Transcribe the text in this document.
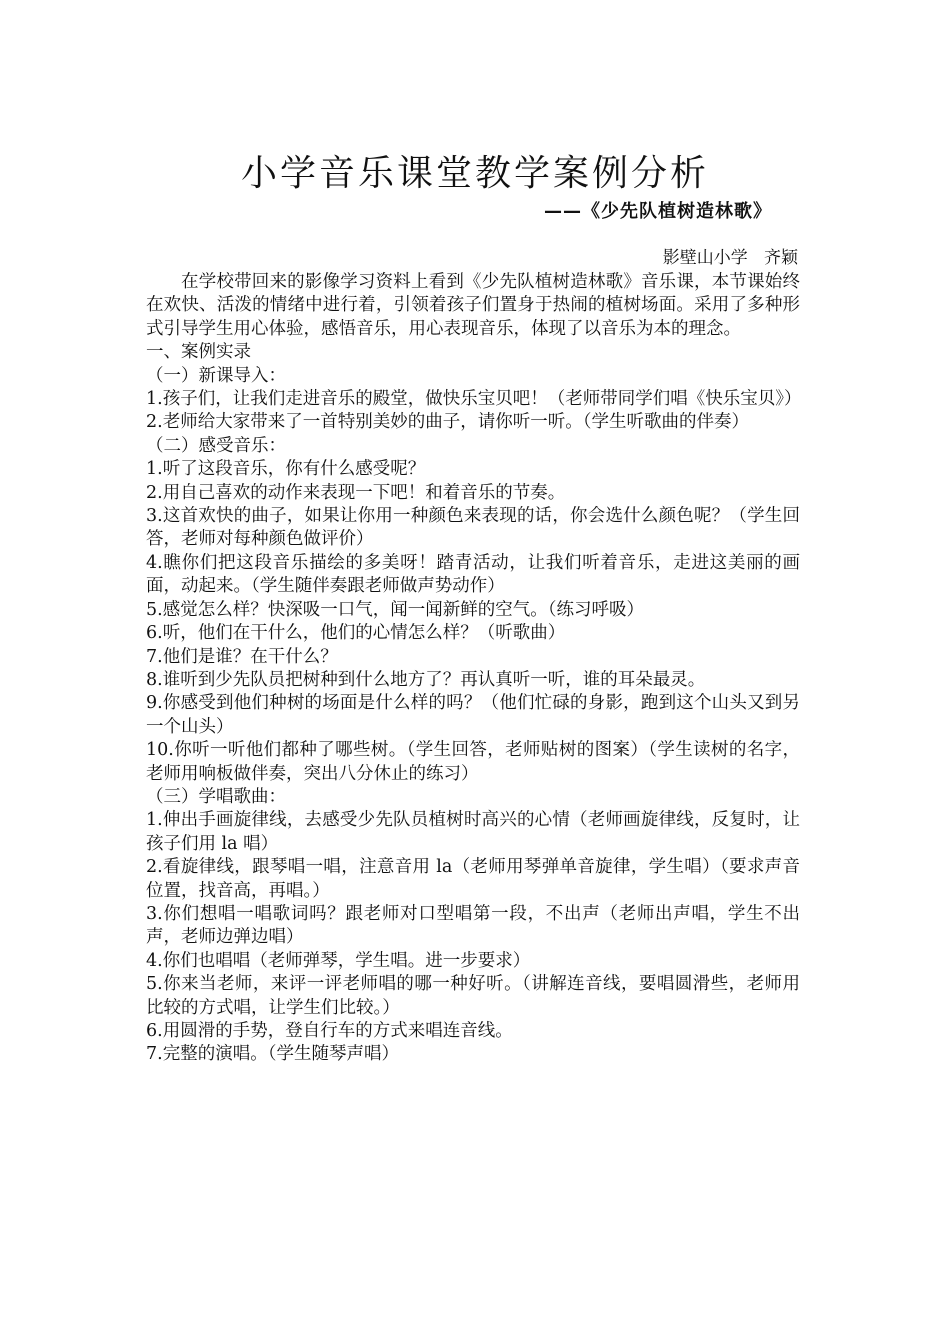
小学音乐课堂教学案例分析
——《少先队植树造林歌》
影壁山小学   齐颖

在学校带回来的影像学习资料上看到《少先队植树造林歌》音乐课，本节课始终在欢快、活泼的情绪中进行着，引领着孩子们置身于热闹的植树场面。采用了多种形式引导学生用心体验，感悟音乐，用心表现音乐，体现了以音乐为本的理念。

一、案例实录

（一）新课导入：

1.孩子们，让我们走进音乐的殿堂，做快乐宝贝吧！（老师带同学们唱《快乐宝贝》）

2.老师给大家带来了一首特别美妙的曲子，请你听一听。（学生听歌曲的伴奏）

（二）感受音乐：

1.听了这段音乐，你有什么感受呢？

2.用自己喜欢的动作来表现一下吧！和着音乐的节奏。

3.这首欢快的曲子，如果让你用一种颜色来表现的话，你会选什么颜色呢？（学生回答，老师对每种颜色做评价）

4.瞧你们把这段音乐描绘的多美呀！踏青活动，让我们听着音乐，走进这美丽的画面，动起来。（学生随伴奏跟老师做声势动作）

5.感觉怎么样？快深吸一口气，闻一闻新鲜的空气。（练习呼吸）

6.听，他们在干什么，他们的心情怎么样？（听歌曲）

7.他们是谁？在干什么？

8.谁听到少先队员把树种到什么地方了？再认真听一听，谁的耳朵最灵。

9.你感受到他们种树的场面是什么样的吗？（他们忙碌的身影，跑到这个山头又到另一个山头）

10.你听一听他们都种了哪些树。（学生回答，老师贴树的图案）（学生读树的名字，老师用响板做伴奏，突出八分休止的练习）

（三）学唱歌曲：

1.伸出手画旋律线，去感受少先队员植树时高兴的心情（老师画旋律线，反复时，让孩子们用 la 唱）

2.看旋律线，跟琴唱一唱，注意音用 la（老师用琴弹单音旋律，学生唱）（要求声音位置，找音高，再唱。）

3.你们想唱一唱歌词吗？跟老师对口型唱第一段，不出声（老师出声唱，学生不出声，老师边弹边唱）

4.你们也唱唱（老师弹琴，学生唱。进一步要求）

5.你来当老师，来评一评老师唱的哪一种好听。（讲解连音线，要唱圆滑些，老师用比较的方式唱，让学生们比较。）

6.用圆滑的手势，登自行车的方式来唱连音线。

7.完整的演唱。（学生随琴声唱）
